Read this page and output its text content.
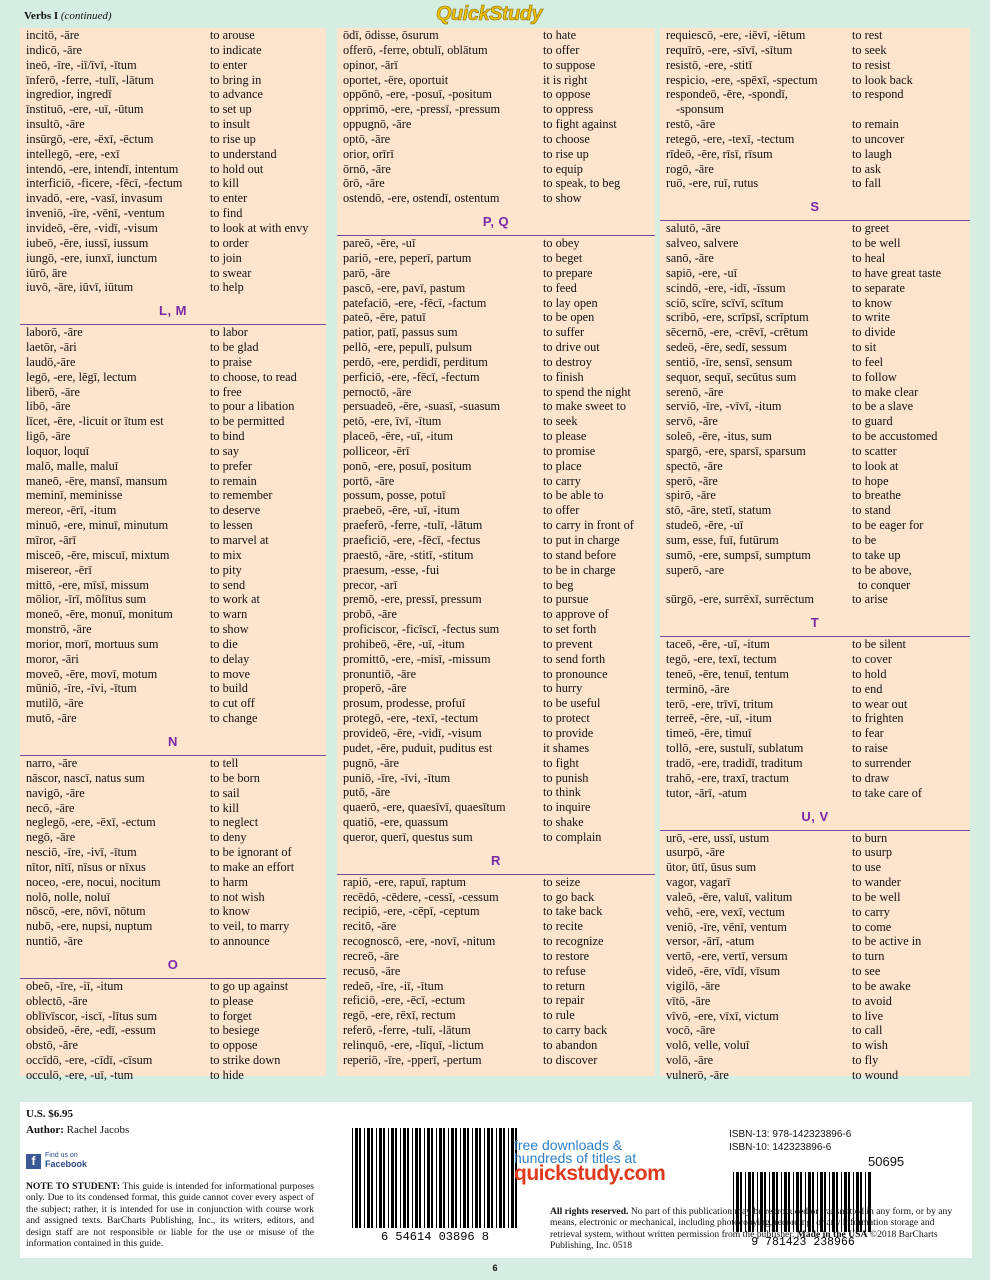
Verbs I (continued)	QuickStudy
incitō, -āre	to arouse
indicō, -āre	to indicate
ineō, -īre, -iī/īvī, -ītum	to enter
īnferō, -ferre, -tulī, -lātum	to bring in
ingredior, ingredī	to advance
īnstituō, -ere, -uī, -ūtum	to set up
insultō, -āre	to insult
insūrgō, -ere, -ēxī, -ēctum	to rise up
intellegō, -ere, -exī	to understand
intendō, -ere, intendī, intentum	to hold out
interficiō, -ficere, -fēcī, -fectum to kill
invadō, -ere, -vasī, invasum	to enter
inveniō, -īre, -vēnī, -ventum	to find
invideō, -ēre, -vidī, -visum	to look at with envy
iubeō, -ēre, iussī, iussum	to order
iungō, -ere, iunxī, iunctum	to join
iūrō, āre	to swear
iuvō, -āre, iūvī, iūtum	to help
L, M
laborō, -āre	to labor
laetōr, -āri	to be glad
laudō,-āre	to praise
legō, -ere, lēgī, lectum	to choose, to read
liberō, -āre	to free
libō, -āre	to pour a libation
līcet, -ēre, -licuit or ītum est	to be permitted
ligō, -āre	to bind
loquor, loquī	to say
malō, malle, maluī	to prefer
maneō, -ēre, mansī, mansum	to remain
meminī, meminisse	to remember
mereor, -ērī, -itum	to deserve
minuō, -ere, minuī, minutum	to lessen
mīror, -ārī	to marvel at
misceō, -ēre, miscuī, mixtum	to mix
misereor, -ērī	to pity
mittō, -ere, mīsī, missum	to send
mōlior, -īrī, mōlītus sum	to work at
moneō, -ēre, monuī, monitum	to warn
monstrō, -āre	to show
morior, morī, mortuus sum	to die
moror, -āri	to delay
moveō, -ēre, movī, motum	to move
mūniō, -īre, -īvi, -ītum	to build
mutilō, -āre	to cut off
mutō, -āre	to change
N
narro, -āre	to tell
nāscor, nascī, natus sum	to be born
navigō, -āre	to sail
necō, -āre	to kill
neglegō, -ere, -ēxī, -ectum	to neglect
negō, -āre	to deny
nesciō, -īre, -ivī, -ītum	to be ignorant of
nītor, nītī, nīsus or nīxus	to make an effort
noceo, -ere, nocui, nocitum	to harm
nolō, nolle, noluī	to not wish
nōscō, -ere, nōvī, nōtum	to know
nubō, -ere, nupsi, nuptum	to veil, to marry
nuntiō, -āre	to announce
O
obeō, -īre, -iī, -itum	to go up against
oblectō, -āre	to please
oblīvīscor, -iscī, -lītus sum	to forget
obsideō, -ēre, -edī, -essum	to besiege
obstō, -āre	to oppose
occīdō, -ere, -cīdī, -cīsum	to strike down
occulō, -ere, -uī, -tum	to hide
ōdī, ōdisse, ōsurum	to hate
offerō, -ferre, obtulī, oblātum	to offer
opinor, -ārī	to suppose
oportet, -ēre, oportuit	it is right
oppōnō, -ere, -posuī, -positum	to oppose
opprimō, -ere, -pressī, -pressum	to oppress
oppugnō, -āre	to fight against
optō, -āre	to choose
orior, orīrī	to rise up
ōrnō, -āre	to equip
ōrō, -āre	to speak, to beg
ostendō, -ere, ostendī, ostentum	to show
P, Q
pareō, -ēre, -uī	to obey
pariō, -ere, peperī, partum	to beget
parō, -āre	to prepare
pascō, -ere, pavī, pastum	to feed
patefaciō, -ere, -fēcī, -factum	to lay open
pateō, -ēre, patuī	to be open
patior, patī, passus sum	to suffer
pellō, -ere, pepulī, pulsum	to drive out
perdō, -ere, perdidī, perditum	to destroy
perficiō, -ere, -fēcī, -fectum	to finish
pernoctō, -āre	to spend the night
persuadeō, -ēre, -suasī, -suasum	to make sweet to
petō, -ere, īvī, -ītum	to seek
placeō, -ēre, -uī, -itum	to please
polliceor, -ērī	to promise
ponō, -ere, posuī, positum	to place
portō, -āre	to carry
possum, posse, potuī	to be able to
praebeō, -ēre, -uī, -itum	to offer
praeferō, -ferre, -tulī, -lātum	to carry in front of
praeficiō, -ere, -fēcī, -fectus	to put in charge
praestō, -āre, -stitī, -stitum	to stand before
praesum, -esse, -fui	to be in charge
precor, -arī	to beg
premō, -ere, pressī, pressum	to pursue
probō, -āre	to approve of
proficiscor, -ficīscī, -fectus sum	to set forth
prohibeō, -ēre, -uī, -itum	to prevent
promittō, -ere, -misī, -missum	to send forth
pronuntiō, -āre	to pronounce
properō, -āre	to hurry
prosum, prodesse, profuī	to be useful
protegō, -ere, -texī, -tectum	to protect
provideō, -ēre, -vidī, -visum	to provide
pudet, -ēre, puduit, puditus est	it shames
pugnō, -āre	to fight
puniō, -īre, -īvi, -ītum	to punish
putō, -āre	to think
quaerō, -ere, quaesīvī, quaesītum	to inquire
quatiō, -ere, quassum	to shake
queror, querī, questus sum	to complain
R
rapiō, -ere, rapuī, raptum	to seize
recēdō, -cēdere, -cessī, -cessum	to go back
recipiō, -ere, -cēpī, -ceptum	to take back
recitō, -āre	to recite
recognoscō, -ere, -novī, -nitum	to recognize
recreō, -āre	to restore
recusō, -āre	to refuse
redeō, -īre, -iī, -ītum	to return
reficiō, -ere, -ēcī, -ectum	to repair
regō, -ere, rēxī, rectum	to rule
referō, -ferre, -tulī, -lātum	to carry back
relinquō, -ere, -līquī, -lictum	to abandon
reperiō, -īre, -pperī, -pertum	to discover
requiescō, -ere, -iēvī, -iētum	to rest
requīrō, -ere, -sīvī, -sītum	to seek
resistō, -ere, -stitī	to resist
respicio, -ere, -spēxī, -spectum	to look back
respondeō, -ēre, -spondī,	to respond
-sponsum
restō, -āre	to remain
retegō, -ere, -texī, -tectum	to uncover
rīdeō, -ēre, rīsī, rīsum	to laugh
rogō, -āre	to ask
ruō, -ere, ruī, rutus	to fall
S
salutō, -āre	to greet
salveo, salvere	to be well
sanō, -āre	to heal
sapiō, -ere, -uī	to have great taste
scindō, -ere, -idī, -īssum	to separate
sciō, scīre, scīvī, scītum	to know
scribō, -ere, scrīpsī, scrīptum	to write
sēcernō, -ere, -crēvī, -crētum	to divide
sedeō, -ēre, sedī, sessum	to sit
sentiō, -īre, sensī, sensum	to feel
sequor, sequī, secūtus sum	to follow
serenō, -āre	to make clear
serviō, -īre, -vīvī, -itum	to be a slave
servō, -āre	to guard
soleō, -ēre, -itus, sum	to be accustomed
spargō, -ere, sparsī, sparsum	to scatter
spectō, -āre	to look at
sperō, -āre	to hope
spirō, -āre	to breathe
stō, -āre, stetī, statum	to stand
studeō, -ēre, -uī	to be eager for
sum, esse, fuī, futūrum	to be
sumō, -ere, sumpsī, sumptum	to take up
superō, -are	to be above,
to conquer
sūrgō, -ere, surrēxī, surrēctum	to arise
T
taceō, -ēre, -uī, -itum	to be silent
tegō, -ere, texī, tectum	to cover
teneō, -ēre, tenuī, tentum	to hold
terminō, -āre	to end
terō, -ere, trīvī, tritum	to wear out
terreē, -ēre, -uī, -itum	to frighten
timeō, -ēre, timuī	to fear
tollō, -ere, sustulī, sublatum	to raise
tradō, -ere, tradidī, traditum	to surrender
trahō, -ere, traxī, tractum	to draw
tutor, -ārī, -atum	to take care of
U, V
urō, -ere, ussī, ustum	to burn
usurpō, -āre	to usurp
ūtor, ūtī, ūsus sum	to use
vagor, vagarī	to wander
valeō, -ēre, valuī, valitum	to be well
vehō, -ere, vexī, vectum	to carry
veniō, -īre, vēnī, ventum	to come
versor, -ārī, -atum	to be active in
vertō, -ere, vertī, versum	to turn
videō, -ēre, vīdī, vīsum	to see
vigilō, -āre	to be awake
vītō, -āre	to avoid
vīvō, -ere, vīxī, victum	to live
vocō, -āre	to call
volō, velle, voluī	to wish
volō, -āre	to fly
vulnerō, -āre	to wound
U.S. $6.95
Author: Rachel Jacobs
f	Find us on
Facebook
NOTE TO STUDENT: This guide is intended for informational purposes only. Due to its condensed format, this guide cannot cover every aspect of the subject; rather, it is intended for use in conjunction with course work and assigned texts. BarCharts Publishing, Inc., its writers, editors, and design staff are not responsible or liable for the use or misuse of the information contained in this guide.	6 54614 03896 8
free downloads &
hundreds of titles at
quickstudy.com
ISBN-13: 978-142323896-6
ISBN-10: 142323896-6
50695
9 781423 238966
All rights reserved. No part of this publication may be reproduced or transmitted in any form, or by any means, electronic or mechanical, including photocopying, recording, or any information storage and retrieval system, without written permission from the publisher. Made in the USA ©2018 BarCharts Publishing, Inc. 0518
6
